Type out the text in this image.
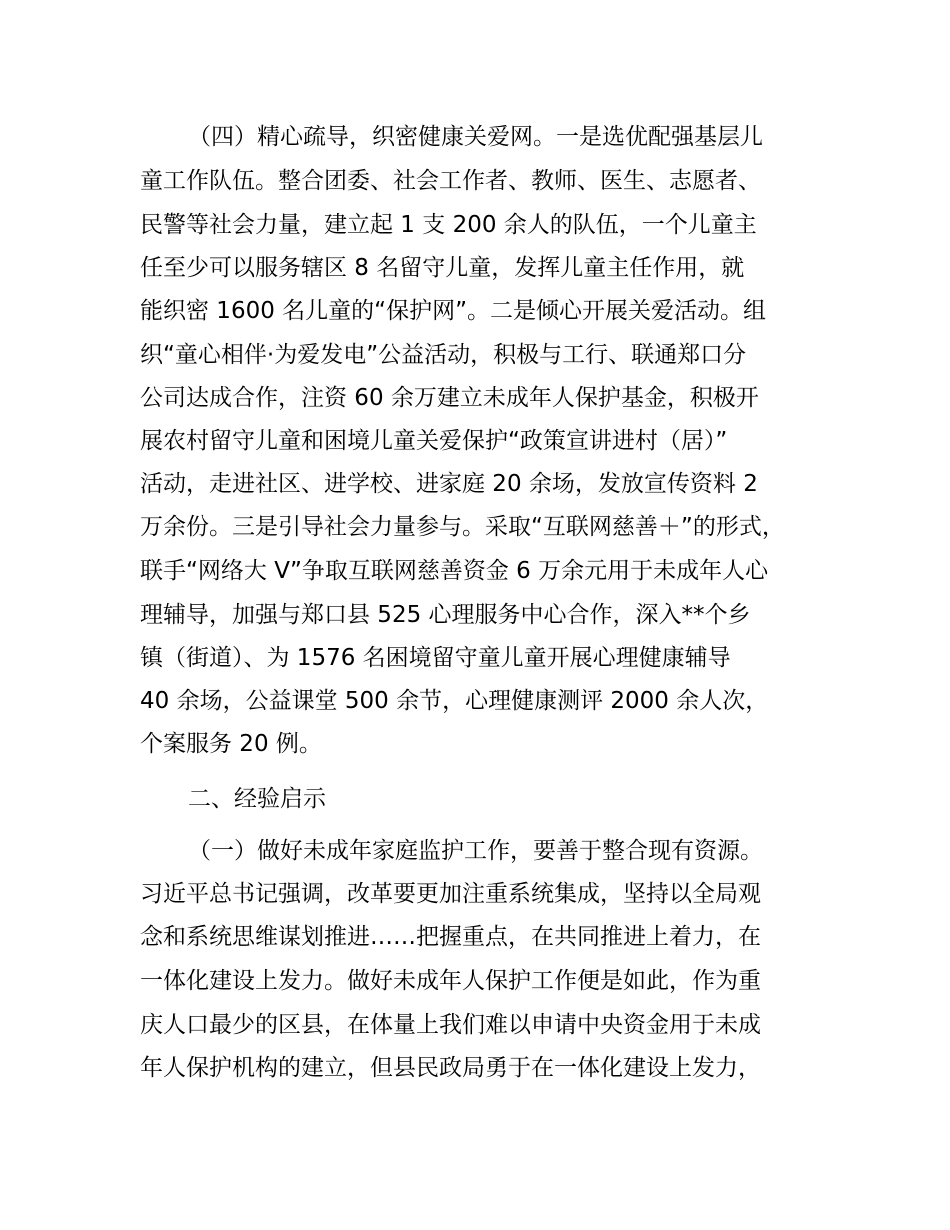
（四）精心疏导，织密健康关爱网。一是选优配强基层儿
童工作队伍。整合团委、社会工作者、教师、医生、志愿者、
民警等社会力量，建立起 1 支 200 余人的队伍，一个儿童主
任至少可以服务辖区 8 名留守儿童，发挥儿童主任作用，就
能织密 1600 名儿童的“保护网”。二是倾心开展关爱活动。组
织“童心相伴·为爱发电”公益活动，积极与工行、联通郑口分
公司达成合作，注资 60 余万建立未成年人保护基金，积极开
展农村留守儿童和困境儿童关爱保护“政策宣讲进村（居）”
活动，走进社区、进学校、进家庭 20 余场，发放宣传资料 2
万余份。三是引导社会力量参与。采取“互联网慈善＋”的形式，
联手“网络大 V”争取互联网慈善资金 6 万余元用于未成年人心
理辅导，加强与郑口县 525 心理服务中心合作，深入**个乡
镇（街道）、为 1576 名困境留守童儿童开展心理健康辅导
40 余场，公益课堂 500 余节，心理健康测评 2000 余人次，
个案服务 20 例。
二、经验启示
（一）做好未成年家庭监护工作，要善于整合现有资源。
习近平总书记强调，改革要更加注重系统集成，坚持以全局观
念和系统思维谋划推进……把握重点，在共同推进上着力，在
一体化建设上发力。做好未成年人保护工作便是如此，作为重
庆人口最少的区县，在体量上我们难以申请中央资金用于未成
年人保护机构的建立，但县民政局勇于在一体化建设上发力，
